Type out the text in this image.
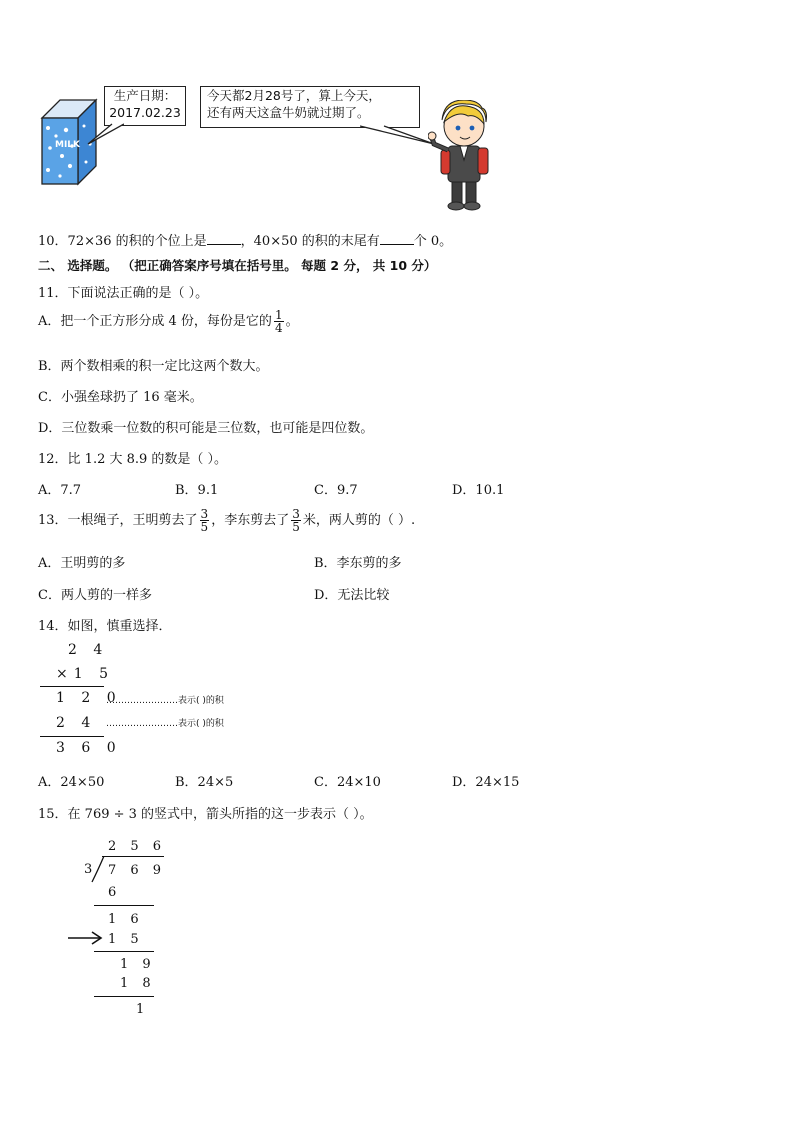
MILK
生产日期：
2017.02.23
今天都2月28号了，算上今天，
还有两天这盒牛奶就过期了。
10．72×36 的积的个位上是	，40×50 的积的末尾有	个 0。
二、 选择题。 （把正确答案序号填在括号里。 每题 2 分， 共 10 分）
11．下面说法正确的是（ ）。
A．把一个正方形分成 4 份，每份是它的 $\frac{1}{4}$ 。
B．两个数相乘的积一定比这两个数大。
C．小强垒球扔了 16 毫米。
D．三位数乘一位数的积可能是三位数，也可能是四位数。
12．比 1.2 大 8.9 的数是（ ）。
A．7.7	B．9.1	C．9.7	D．10.1
13．一根绳子，王明剪去了 $\frac{3}{5}$ ，李东剪去了 $\frac{3}{5}$ 米，两人剪的（ ）.
A．王明剪的多	B．李东剪的多
C．两人剪的一样多	D．无法比较
14．如图，慎重选择．
2 4
×1 5
1 2 0
……………………表示( )的积
2 4 ……………………表示( )的积
3 6 0
A．24×50	B．24×5	C．24×10	D．24×15
15．在 769 ÷ 3 的竖式中，箭头所指的这一步表示（ ）。
2 5 6
3 7 6 9
6
1 6
1 5
1 9
1 8
1
